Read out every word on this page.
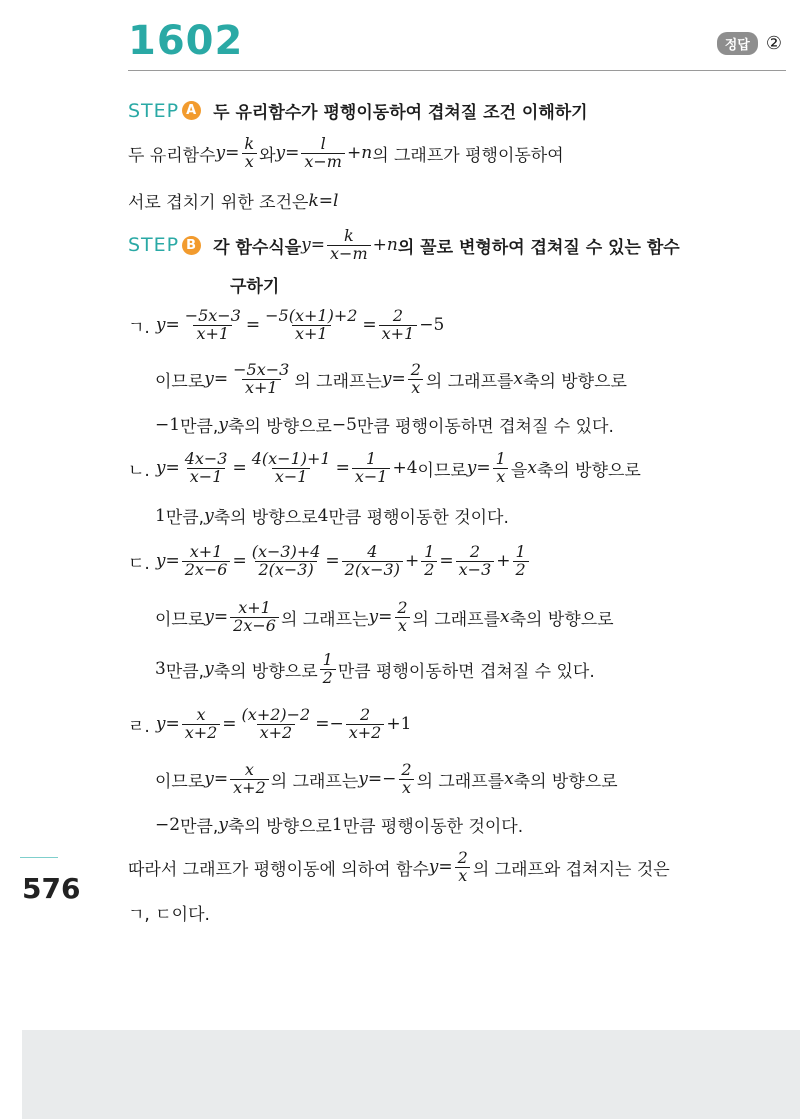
1602	정답 ②
576
STEP A 두 유리함수가 평행이동하여 겹쳐질 조건 이해하기
두 유리함수 $y = \frac{k}{x}$ 와 $y = \frac{l}{x-m} +n$ 의 그래프가 평행이동하여
서로 겹치기 위한 조건은 k=l
STEP B 각 함수식을 $y = \frac{k}{x-m} +n$ 의 꼴로 변형하여 겹쳐질 수 있는 함수
구하기
ㄱ. $y = \frac{-5x-3}{x+1} = \frac{-5(x+1)+2}{x+1} = \frac{2}{x+1} -5$
이므로 $y = \frac{-5x-3}{x+1}$ 의 그래프는 $y = \frac{2}{x}$ 의 그래프를 x 축의 방향으로
−1 만큼, y 축의 방향으로 −5 만큼 평행이동하면 겹쳐질 수 있다.
ㄴ. $y = \frac{4x-3}{x-1} = \frac{4(x-1)+1}{x-1} = \frac{1}{x-1} +4$ 이므로 $y = \frac{1}{x}$ 을 x 축의 방향으로
1 만큼, y 축의 방향으로 4 만큼 평행이동한 것이다.
ㄷ. $y = \frac{x+1}{2x-6} = \frac{(x-3)+4}{2(x-3)} = \frac{4}{2(x-3)} + \frac{1}{2} = \frac{2}{x-3} + \frac{1}{2}$
이므로 $y = \frac{x+1}{2x-6}$ 의 그래프는 $y = \frac{2}{x}$ 의 그래프를 x 축의 방향으로
3 만큼, y 축의 방향으로 $\frac{1}{2}$ 만큼 평행이동하면 겹쳐질 수 있다.
ㄹ. $y = \frac{x}{x+2} = \frac{(x+2)-2}{x+2}$ = − $\frac{2}{x+2} +1$
이므로 $y = \frac{x}{x+2}$ 의 그래프는 y = − $\frac{2}{x}$ 의 그래프를 x 축의 방향으로
−2 만큼, y 축의 방향으로 1 만큼 평행이동한 것이다.
따라서 그래프가 평행이동에 의하여 함수 $y = \frac{2}{x}$ 의 그래프와 겹쳐지는 것은
ㄱ, ㄷ이다.
